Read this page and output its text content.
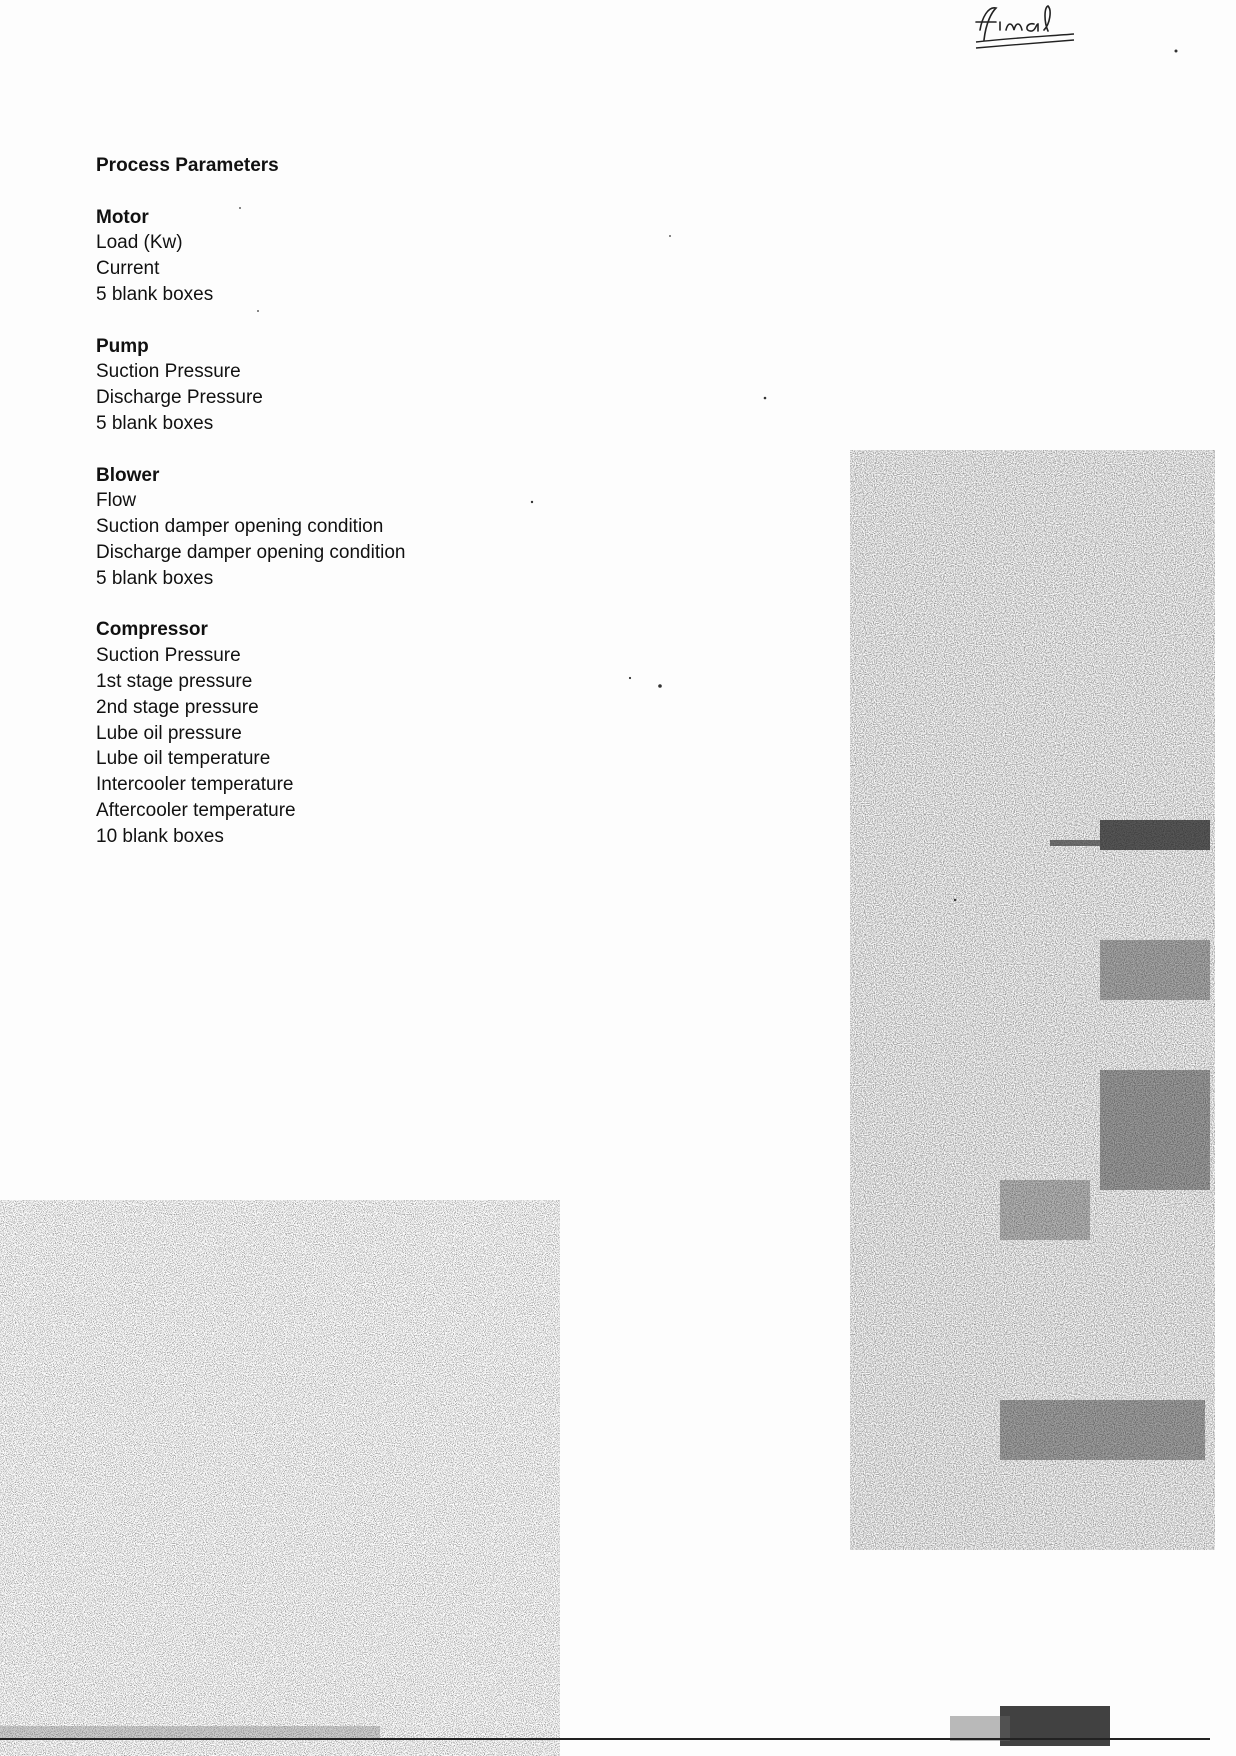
Process Parameters

Motor

Load (Kw)

Current

5 blank boxes

Pump

Suction Pressure

Discharge Pressure

5 blank boxes

Blower

Flow

Suction damper opening condition

Discharge damper opening condition

5 blank boxes

Compressor

Suction Pressure

1st stage pressure

2nd stage pressure

Lube oil pressure

Lube oil temperature

Intercooler temperature

Aftercooler temperature

10 blank boxes
